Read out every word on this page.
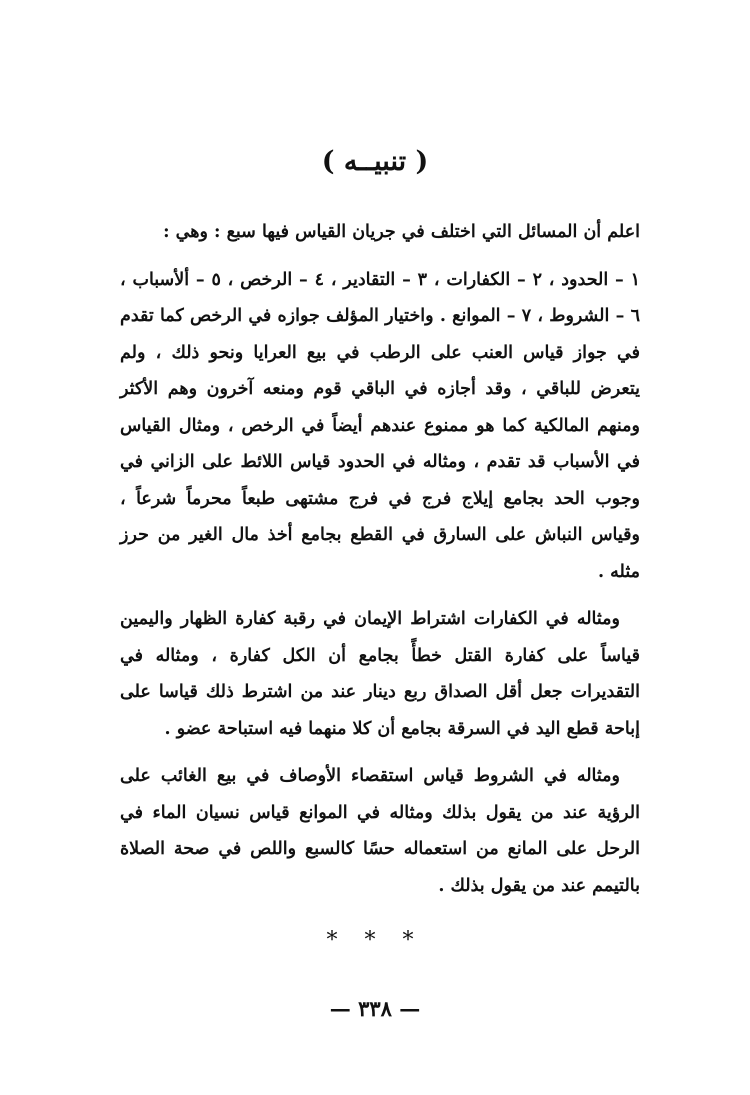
( تنبيــه )

اعلم أن المسائل التي اختلف في جريان القياس فيها سبع : وهي :

١ – الحدود ، ٢ – الكفارات ، ٣ – التقادير ، ٤ – الرخص ، ٥ – ألأسباب ، ٦ – الشروط ، ٧ – الموانع . واختيار المؤلف جوازه في الرخص كما تقدم في جواز قياس العنب على الرطب في بيع العرايا ونحو ذلك ، ولم يتعرض للباقي ، وقد أجازه في الباقي قوم ومنعه آخرون وهم الأكثر ومنهم المالكية كما هو ممنوع عندهم أيضاً في الرخص ، ومثال القياس في الأسباب قد تقدم ، ومثاله في الحدود قياس اللائط على الزاني في وجوب الحد بجامع إيلاج فرج في فرج مشتهى طبعاً محرماً شرعاً ، وقياس النباش على السارق في القطع بجامع أخذ مال الغير من حرز مثله .

ومثاله في الكفارات اشتراط الإيمان في رقبة كفارة الظهار واليمين قياساً على كفارة القتل خطأً بجامع أن الكل كفارة ، ومثاله في التقديرات جعل أقل الصداق ربع دينار عند من اشترط ذلك قياسا على إباحة قطع اليد في السرقة بجامع أن كلا منهما فيه استباحة عضو .

ومثاله في الشروط قياس استقصاء الأوصاف في بيع الغائب على الرؤية عند من يقول بذلك ومثاله في الموانع قياس نسيان الماء في الرحل على المانع من استعماله حسًا كالسبع واللص في صحة الصلاة بالتيمم عند من يقول بذلك .

* * *
— ٣٣٨ —
